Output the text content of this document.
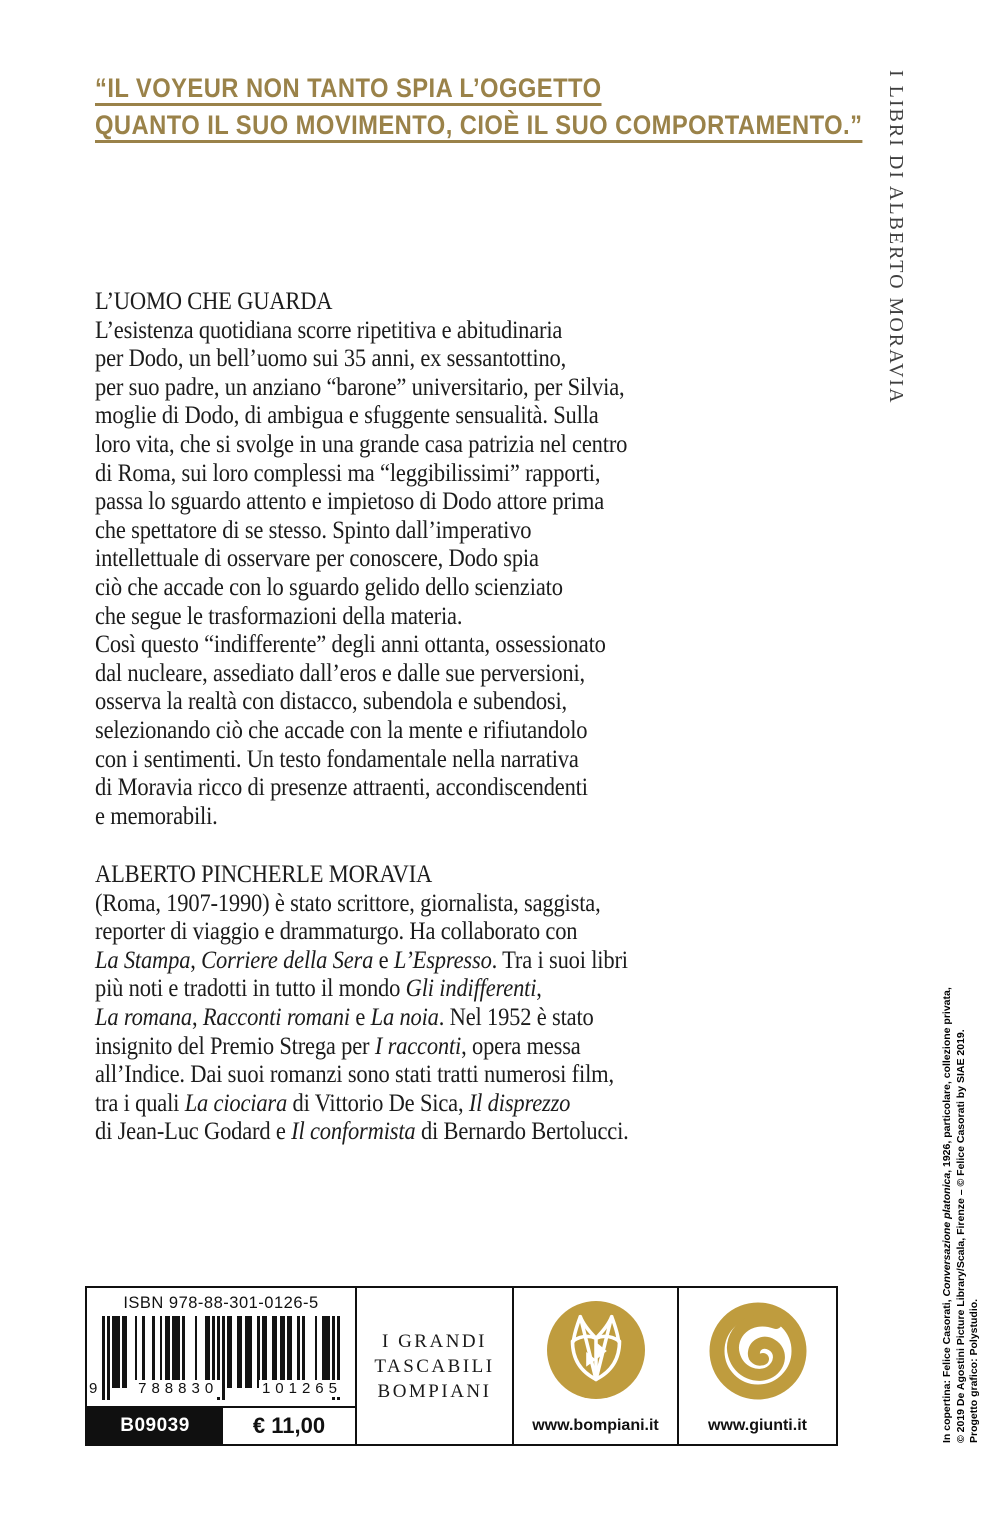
“IL VOYEUR NON TANTO SPIA L’OGGETTO
QUANTO IL SUO MOVIMENTO, CIOÈ IL SUO COMPORTAMENTO.” I LIBRI DI ALBERTO MORAVIA
L’UOMO CHE GUARDA
L’esistenza quotidiana scorre ripetitiva e abitudinaria
per Dodo, un bell’uomo sui 35 anni, ex sessantottino,
per suo padre, un anziano “barone” universitario, per Silvia,
moglie di Dodo, di ambigua e sfuggente sensualità. Sulla
loro vita, che si svolge in una grande casa patrizia nel centro
di Roma, sui loro complessi ma “leggibilissimi” rapporti,
passa lo sguardo attento e impietoso di Dodo attore prima
che spettatore di se stesso. Spinto dall’imperativo
intellettuale di osservare per conoscere, Dodo spia
ciò che accade con lo sguardo gelido dello scienziato
che segue le trasformazioni della materia.
Così questo “indifferente” degli anni ottanta, ossessionato
dal nucleare, assediato dall’eros e dalle sue perversioni,
osserva la realtà con distacco, subendola e subendosi,
selezionando ciò che accade con la mente e rifiutandolo
con i sentimenti. Un testo fondamentale nella narrativa
di Moravia ricco di presenze attraenti, accondiscendenti
e memorabili.
ALBERTO PINCHERLE MORAVIA
(Roma, 1907-1990) è stato scrittore, giornalista, saggista,
reporter di viaggio e drammaturgo. Ha collaborato con
La Stampa, Corriere della Sera e L’Espresso. Tra i suoi libri
più noti e tradotti in tutto il mondo Gli indifferenti,
La romana, Racconti romani e La noia. Nel 1952 è stato
insignito del Premio Strega per I racconti, opera messa
all’Indice. Dai suoi romanzi sono stati tratti numerosi film,
tra i quali La ciociara di Vittorio De Sica, Il disprezzo
di Jean-Luc Godard e Il conformista di Bernardo Bertolucci.
In copertina: Felice Casorati, Conversazione platonica, 1926, particolare, collezione privata, © 2019 De Agostini Picture Library/Scala, Firenze – © Felice Casorati by SIAE 2019. Progetto grafico: Polystudio.
ISBN 978-88-301-0126-5
9	788830	101265
B09039	€ 11,00
I GRANDI
TASCABILI
BOMPIANI
www.bompiani.it	www.giunti.it
